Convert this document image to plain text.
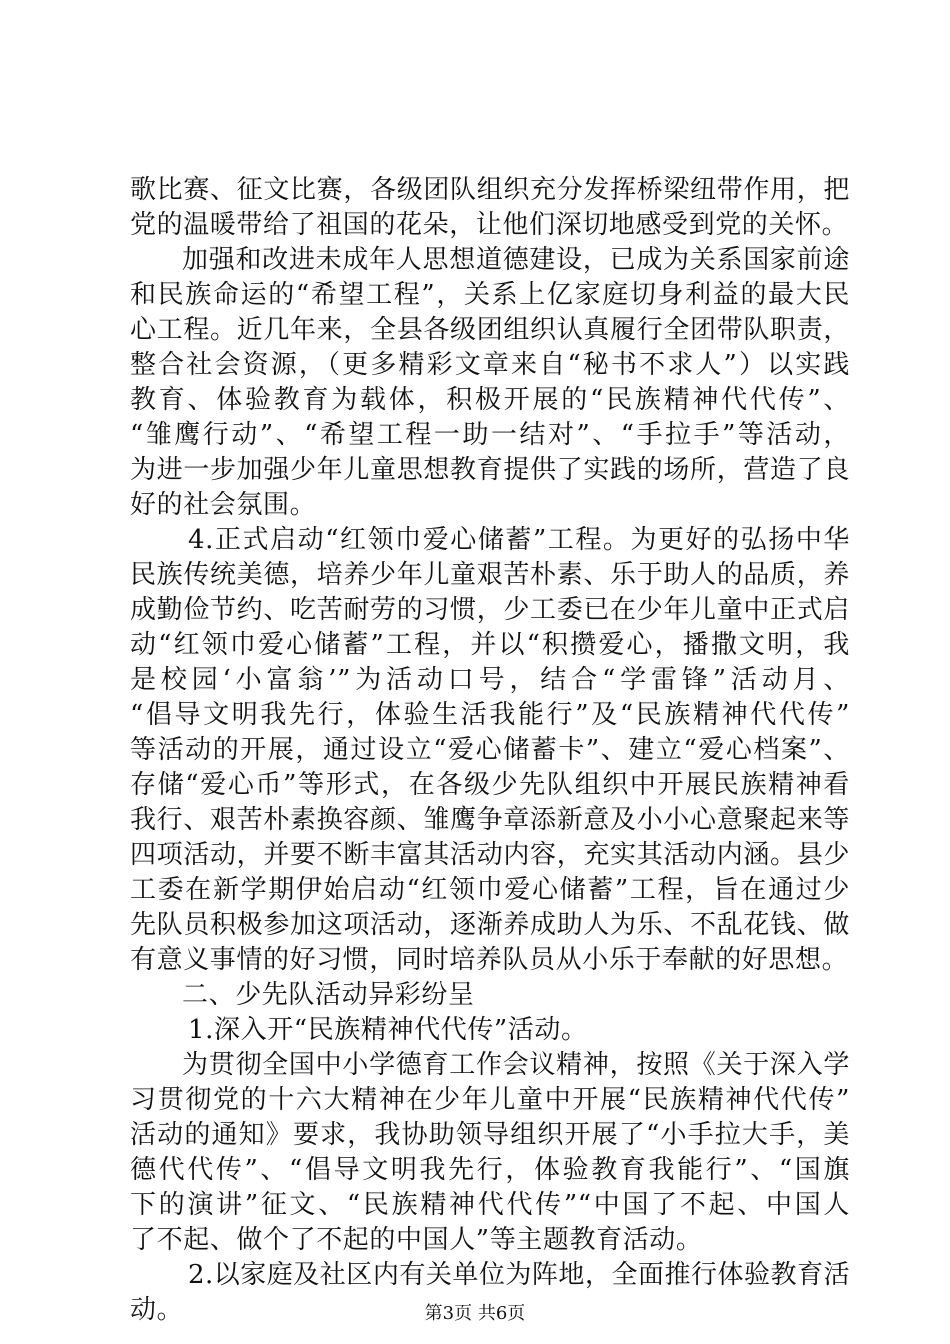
歌比赛、征文比赛，各级团队组织充分发挥桥梁纽带作用，把
党的温暖带给了祖国的花朵，让他们深切地感受到党的关怀。
加强和改进未成年人思想道德建设，已成为关系国家前途
和民族命运的“希望工程”，关系上亿家庭切身利益的最大民
心工程。近几年来，全县各级团组织认真履行全团带队职责，
整合社会资源，（更多精彩文章来自“秘书不求人”）以实践
教育、体验教育为载体，积极开展的“民族精神代代传”、
“雏鹰行动”、“希望工程一助一结对”、“手拉手”等活动，
为进一步加强少年儿童思想教育提供了实践的场所，营造了良
好的社会氛围。
4.正式启动“红领巾爱心储蓄”工程。为更好的弘扬中华
民族传统美德，培养少年儿童艰苦朴素、乐于助人的品质，养
成勤俭节约、吃苦耐劳的习惯，少工委已在少年儿童中正式启
动“红领巾爱心储蓄”工程，并以“积攒爱心，播撒文明，我
是校园‘小富翁’”为活动口号，结合“学雷锋”活动月、
“倡导文明我先行，体验生活我能行”及“民族精神代代传”
等活动的开展，通过设立“爱心储蓄卡”、建立“爱心档案”、
存储“爱心币”等形式，在各级少先队组织中开展民族精神看
我行、艰苦朴素换容颜、雏鹰争章添新意及小小心意聚起来等
四项活动，并要不断丰富其活动内容，充实其活动内涵。县少
工委在新学期伊始启动“红领巾爱心储蓄”工程，旨在通过少
先队员积极参加这项活动，逐渐养成助人为乐、不乱花钱、做
有意义事情的好习惯，同时培养队员从小乐于奉献的好思想。
二、少先队活动异彩纷呈
1.深入开“民族精神代代传”活动。
为贯彻全国中小学德育工作会议精神，按照《关于深入学
习贯彻党的十六大精神在少年儿童中开展“民族精神代代传”
活动的通知》要求，我协助领导组织开展了“小手拉大手，美
德代代传”、“倡导文明我先行，体验教育我能行”、“国旗
下的演讲”征文、“民族精神代代传”“中国了不起、中国人
了不起、做个了不起的中国人”等主题教育活动。
2.以家庭及社区内有关单位为阵地，全面推行体验教育活
动。	第3页 共6页
